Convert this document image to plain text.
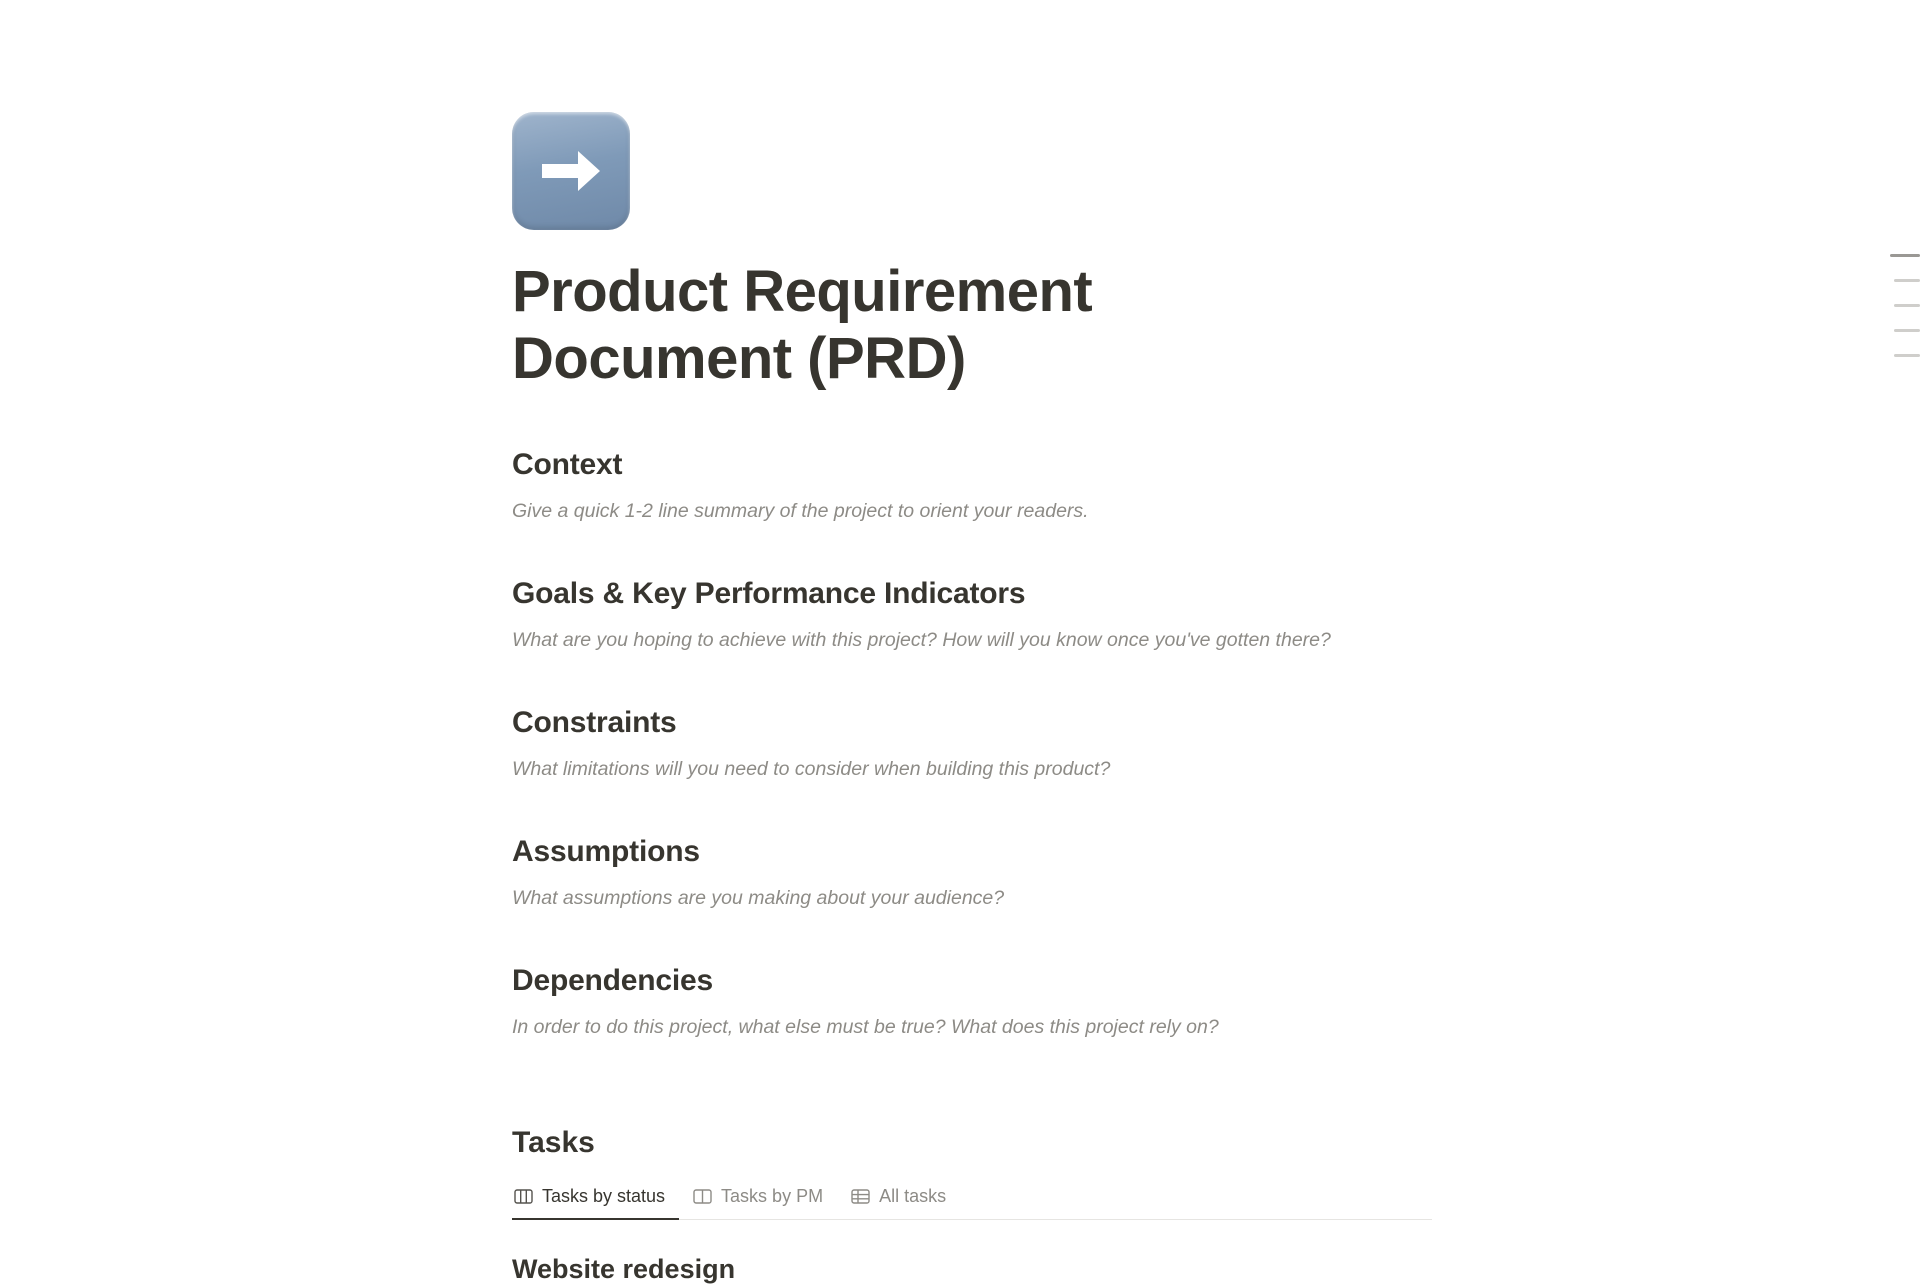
Product Requirement Document (PRD)
Context

Give a quick 1-2 line summary of the project to orient your readers.

Goals & Key Performance Indicators

What are you hoping to achieve with this project? How will you know once you've gotten there?

Constraints

What limitations will you need to consider when building this product?

Assumptions

What assumptions are you making about your audience?

Dependencies

In order to do this project, what else must be true? What does this project rely on?

Tasks
Tasks by status	Tasks by PM	All tasks
Website redesign
